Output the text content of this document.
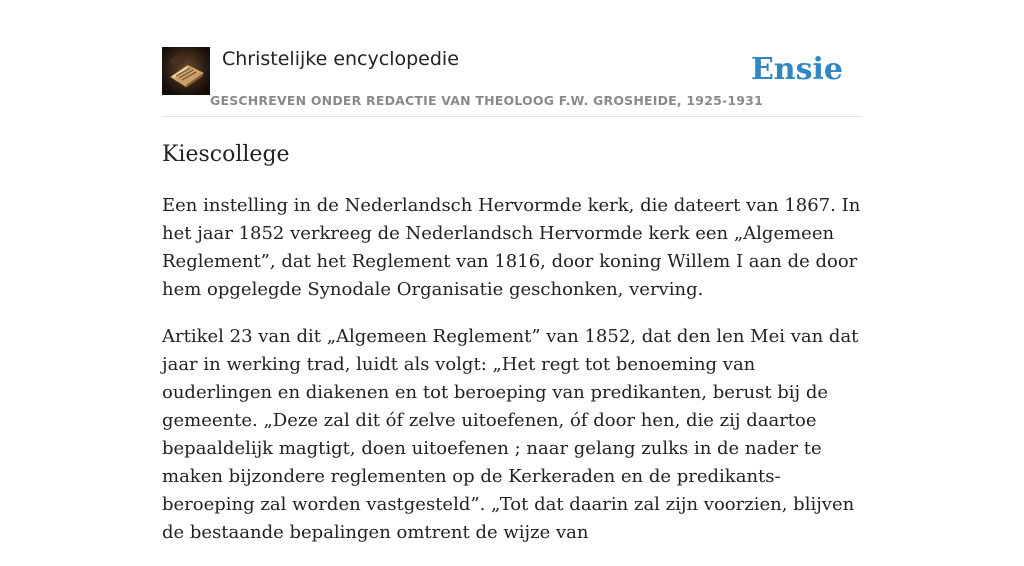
Christelijke encyclopedie
GESCHREVEN ONDER REDACTIE VAN THEOLOOG F.W. GROSHEIDE, 1925-1931
Ensie
Kiescollege

Een instelling in de Nederlandsch Hervormde kerk, die dateert van 1867. In het jaar 1852 verkreeg de Nederlandsch Hervormde kerk een „Algemeen Reglement”, dat het Reglement van 1816, door koning Willem I aan de door hem opgelegde Synodale Organisatie geschonken, verving.

Artikel 23 van dit „Algemeen Reglement” van 1852, dat den len Mei van dat jaar in werking trad, luidt als volgt: „Het regt tot benoeming van ouderlingen en diakenen en tot beroeping van predikanten, berust bij de gemeente. „Deze zal dit óf zelve uitoefenen, óf door hen, die zij daartoe bepaaldelijk magtigt, doen uitoefenen ; naar gelang zulks in de nader te maken bijzondere reglementen op de Kerkeraden en de predikants-beroeping zal worden vastgesteld”. „Tot dat daarin zal zijn voorzien, blijven de bestaande bepalingen omtrent de wijze van
